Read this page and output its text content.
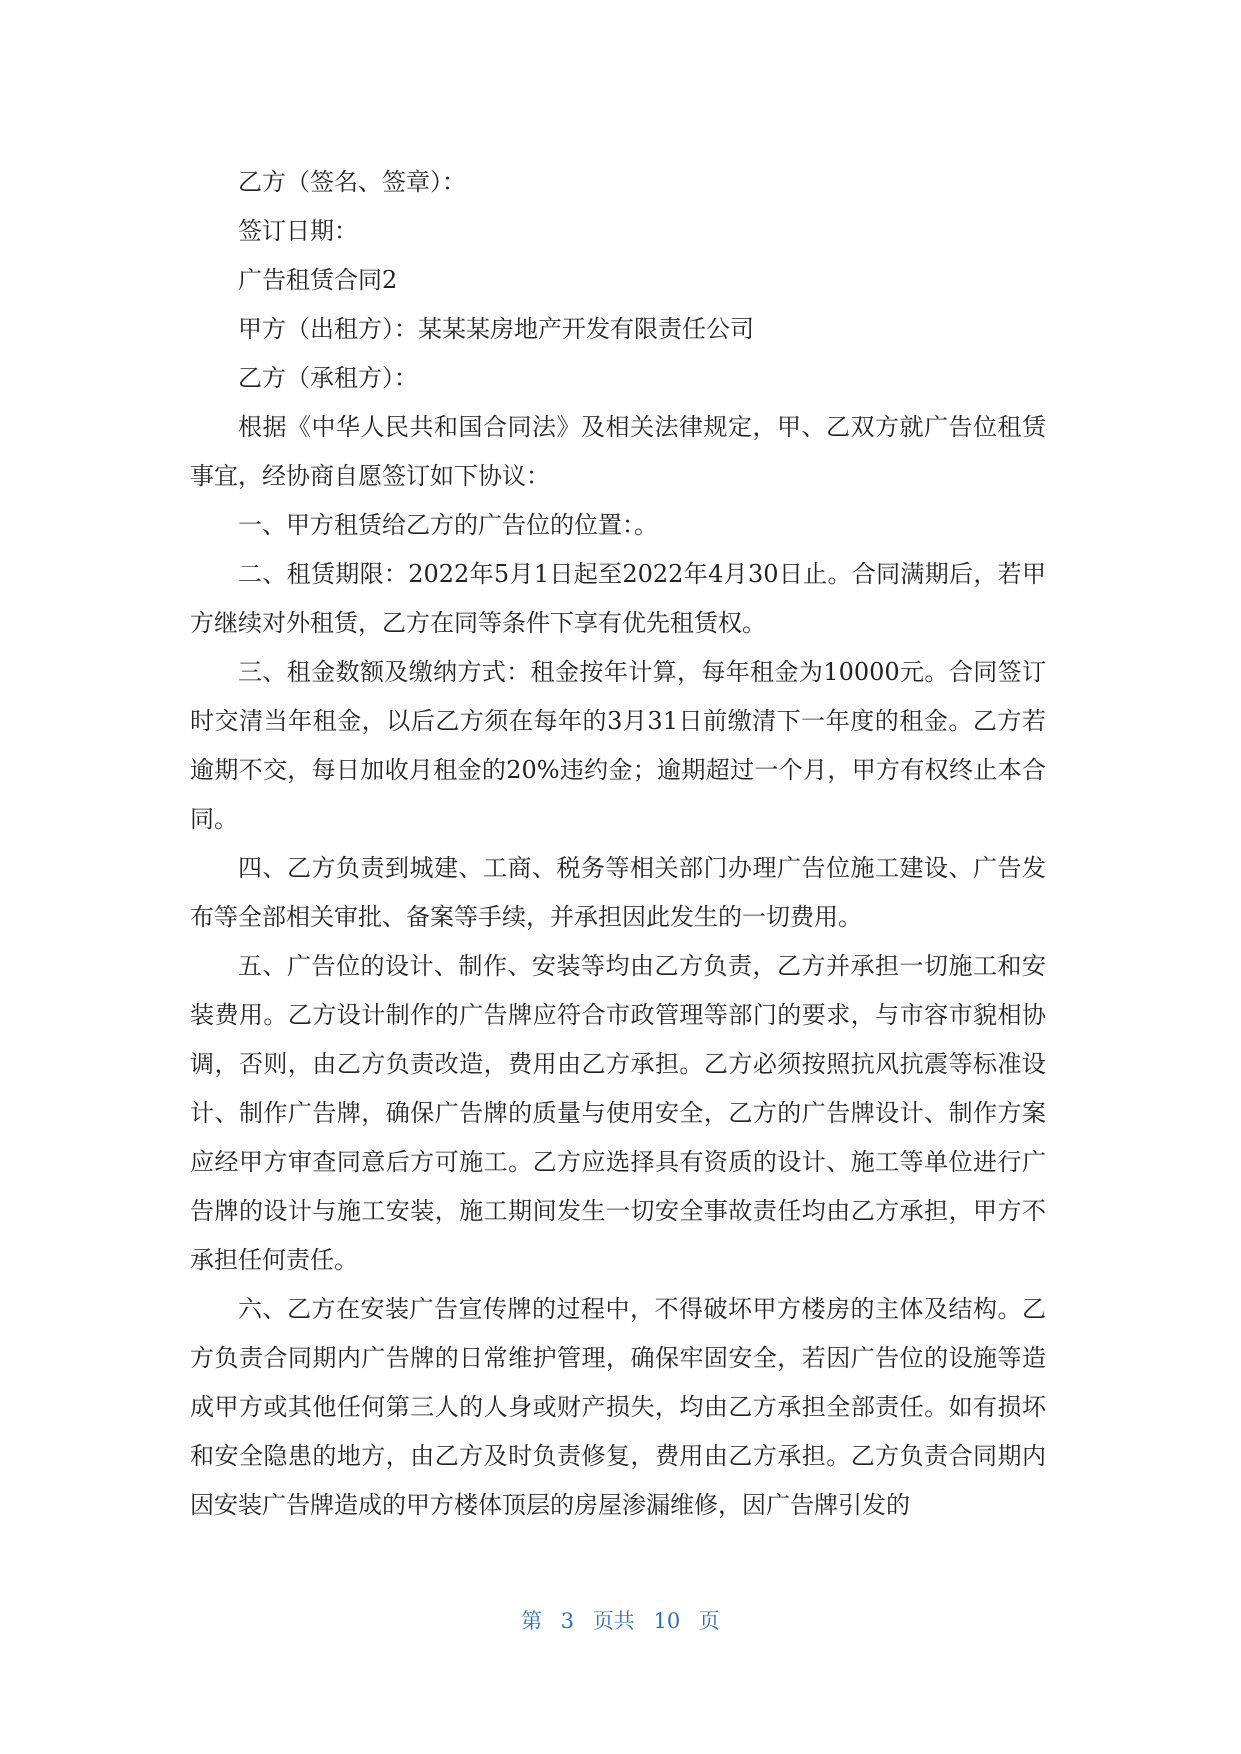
乙方（签名、签章）：

签订日期：

广告租赁合同2

甲方（出租方）：某某某房地产开发有限责任公司

乙方（承租方）：

根据《中华人民共和国合同法》及相关法律规定，甲、乙双方就广告位租赁事宜，经协商自愿签订如下协议：

一、甲方租赁给乙方的广告位的位置：。

二、租赁期限：2022年5月1日起至2022年4月30日止。合同满期后，若甲方继续对外租赁，乙方在同等条件下享有优先租赁权。

三、租金数额及缴纳方式：租金按年计算，每年租金为10000元。合同签订时交清当年租金，以后乙方须在每年的3月31日前缴清下一年度的租金。乙方若逾期不交，每日加收月租金的20%违约金；逾期超过一个月，甲方有权终止本合同。

四、乙方负责到城建、工商、税务等相关部门办理广告位施工建设、广告发布等全部相关审批、备案等手续，并承担因此发生的一切费用。

五、广告位的设计、制作、安装等均由乙方负责，乙方并承担一切施工和安装费用。乙方设计制作的广告牌应符合市政管理等部门的要求，与市容市貌相协调，否则，由乙方负责改造，费用由乙方承担。乙方必须按照抗风抗震等标准设计、制作广告牌，确保广告牌的质量与使用安全，乙方的广告牌设计、制作方案应经甲方审查同意后方可施工。乙方应选择具有资质的设计、施工等单位进行广告牌的设计与施工安装，施工期间发生一切安全事故责任均由乙方承担，甲方不承担任何责任。

六、乙方在安装广告宣传牌的过程中，不得破坏甲方楼房的主体及结构。乙方负责合同期内广告牌的日常维护管理，确保牢固安全，若因广告位的设施等造成甲方或其他任何第三人的人身或财产损失，均由乙方承担全部责任。如有损坏和安全隐患的地方，由乙方及时负责修复，费用由乙方承担。乙方负责合同期内因安装广告牌造成的甲方楼体顶层的房屋渗漏维修，因广告牌引发的

第 3 页共 10 页
